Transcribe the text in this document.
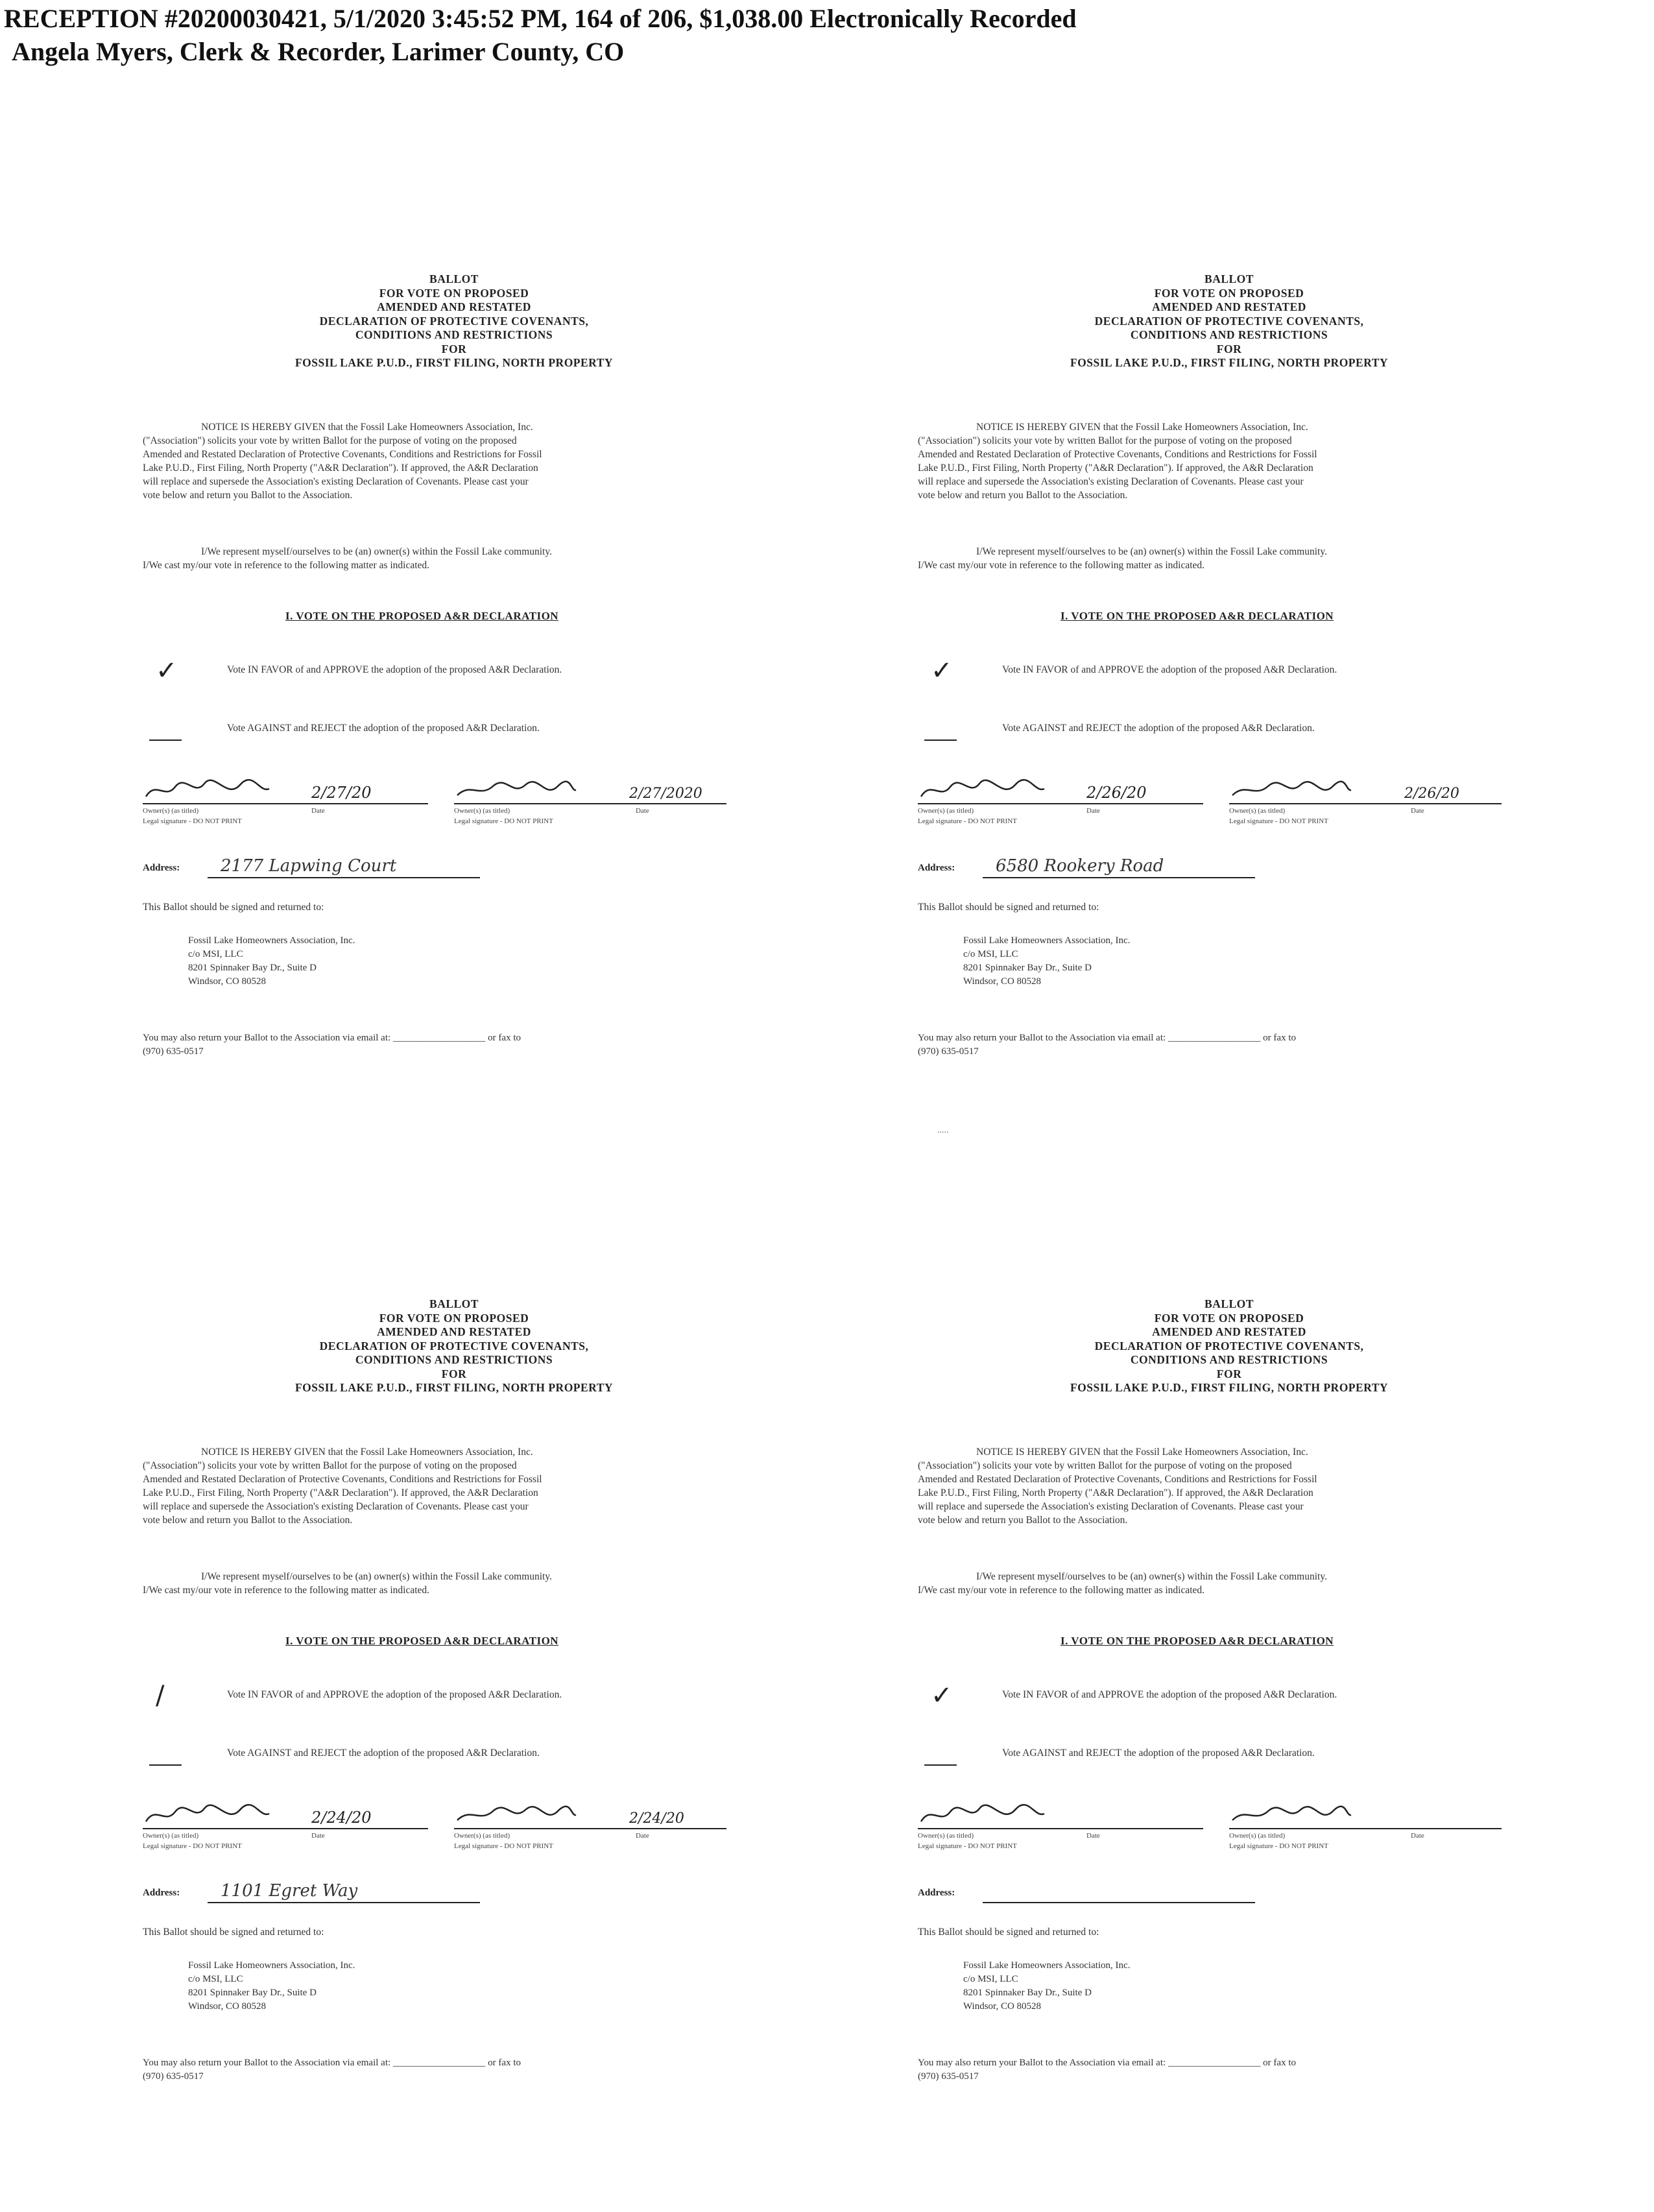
RECEPTION #20200030421, 5/1/2020 3:45:52 PM, 164 of 206, $1,038.00 Electronically Recorded
Angela Myers, Clerk & Recorder, Larimer County, CO
BALLOT
FOR VOTE ON PROPOSED
AMENDED AND RESTATED
DECLARATION OF PROTECTIVE COVENANTS,
CONDITIONS AND RESTRICTIONS
FOR
FOSSIL LAKE P.U.D., FIRST FILING, NORTH PROPERTY
NOTICE IS HEREBY GIVEN that the Fossil Lake Homeowners Association, Inc.
("Association") solicits your vote by written Ballot for the purpose of voting on the proposed
Amended and Restated Declaration of Protective Covenants, Conditions and Restrictions for Fossil
Lake P.U.D., First Filing, North Property ("A&R Declaration"). If approved, the A&R Declaration
will replace and supersede the Association's existing Declaration of Covenants. Please cast your
vote below and return you Ballot to the Association.
I/We represent myself/ourselves to be (an) owner(s) within the Fossil Lake community.
I/We cast my/our vote in reference to the following matter as indicated.
I. VOTE ON THE PROPOSED A&R DECLARATION
✓	Vote IN FAVOR of and APPROVE the adoption of the proposed A&R Declaration.
Vote AGAINST and REJECT the adoption of the proposed A&R Declaration.
2/27/20
Owner(s) (as titled)	Date
Legal signature - DO NOT PRINT
2/27/2020
Owner(s) (as titled)	Date
Legal signature - DO NOT PRINT
Address: 2177 Lapwing Court
This Ballot should be signed and returned to:
Fossil Lake Homeowners Association, Inc.
c/o MSI, LLC
8201 Spinnaker Bay Dr., Suite D
Windsor, CO 80528
You may also return your Ballot to the Association via email at: ___________________ or fax to
(970) 635-0517
BALLOT
FOR VOTE ON PROPOSED
AMENDED AND RESTATED
DECLARATION OF PROTECTIVE COVENANTS,
CONDITIONS AND RESTRICTIONS
FOR
FOSSIL LAKE P.U.D., FIRST FILING, NORTH PROPERTY
NOTICE IS HEREBY GIVEN that the Fossil Lake Homeowners Association, Inc.
("Association") solicits your vote by written Ballot for the purpose of voting on the proposed
Amended and Restated Declaration of Protective Covenants, Conditions and Restrictions for Fossil
Lake P.U.D., First Filing, North Property ("A&R Declaration"). If approved, the A&R Declaration
will replace and supersede the Association's existing Declaration of Covenants. Please cast your
vote below and return you Ballot to the Association.
I/We represent myself/ourselves to be (an) owner(s) within the Fossil Lake community.
I/We cast my/our vote in reference to the following matter as indicated.
I. VOTE ON THE PROPOSED A&R DECLARATION
✓	Vote IN FAVOR of and APPROVE the adoption of the proposed A&R Declaration.
Vote AGAINST and REJECT the adoption of the proposed A&R Declaration.
2/26/20
Owner(s) (as titled)	Date
Legal signature - DO NOT PRINT
2/26/20
Owner(s) (as titled)	Date
Legal signature - DO NOT PRINT
Address: 6580 Rookery Road
This Ballot should be signed and returned to:
Fossil Lake Homeowners Association, Inc.
c/o MSI, LLC
8201 Spinnaker Bay Dr., Suite D
Windsor, CO 80528
You may also return your Ballot to the Association via email at: ___________________ or fax to
(970) 635-0517
BALLOT
FOR VOTE ON PROPOSED
AMENDED AND RESTATED
DECLARATION OF PROTECTIVE COVENANTS,
CONDITIONS AND RESTRICTIONS
FOR
FOSSIL LAKE P.U.D., FIRST FILING, NORTH PROPERTY
NOTICE IS HEREBY GIVEN that the Fossil Lake Homeowners Association, Inc.
("Association") solicits your vote by written Ballot for the purpose of voting on the proposed
Amended and Restated Declaration of Protective Covenants, Conditions and Restrictions for Fossil
Lake P.U.D., First Filing, North Property ("A&R Declaration"). If approved, the A&R Declaration
will replace and supersede the Association's existing Declaration of Covenants. Please cast your
vote below and return you Ballot to the Association.
I/We represent myself/ourselves to be (an) owner(s) within the Fossil Lake community.
I/We cast my/our vote in reference to the following matter as indicated.
I. VOTE ON THE PROPOSED A&R DECLARATION
/	Vote IN FAVOR of and APPROVE the adoption of the proposed A&R Declaration.
Vote AGAINST and REJECT the adoption of the proposed A&R Declaration.
2/24/20
Owner(s) (as titled)	Date
Legal signature - DO NOT PRINT
2/24/20
Owner(s) (as titled)	Date
Legal signature - DO NOT PRINT
Address: 1101 Egret Way
This Ballot should be signed and returned to:
Fossil Lake Homeowners Association, Inc.
c/o MSI, LLC
8201 Spinnaker Bay Dr., Suite D
Windsor, CO 80528
You may also return your Ballot to the Association via email at: ___________________ or fax to
(970) 635-0517
BALLOT
FOR VOTE ON PROPOSED
AMENDED AND RESTATED
DECLARATION OF PROTECTIVE COVENANTS,
CONDITIONS AND RESTRICTIONS
FOR
FOSSIL LAKE P.U.D., FIRST FILING, NORTH PROPERTY
NOTICE IS HEREBY GIVEN that the Fossil Lake Homeowners Association, Inc.
("Association") solicits your vote by written Ballot for the purpose of voting on the proposed
Amended and Restated Declaration of Protective Covenants, Conditions and Restrictions for Fossil
Lake P.U.D., First Filing, North Property ("A&R Declaration"). If approved, the A&R Declaration
will replace and supersede the Association's existing Declaration of Covenants. Please cast your
vote below and return you Ballot to the Association.
I/We represent myself/ourselves to be (an) owner(s) within the Fossil Lake community.
I/We cast my/our vote in reference to the following matter as indicated.
I. VOTE ON THE PROPOSED A&R DECLARATION
✓	Vote IN FAVOR of and APPROVE the adoption of the proposed A&R Declaration.
Vote AGAINST and REJECT the adoption of the proposed A&R Declaration.
Owner(s) (as titled)	Date
Legal signature - DO NOT PRINT
Owner(s) (as titled)	Date
Legal signature - DO NOT PRINT
Address:
This Ballot should be signed and returned to:
Fossil Lake Homeowners Association, Inc.
c/o MSI, LLC
8201 Spinnaker Bay Dr., Suite D
Windsor, CO 80528
You may also return your Ballot to the Association via email at: ___________________ or fax to
(970) 635-0517
.....
